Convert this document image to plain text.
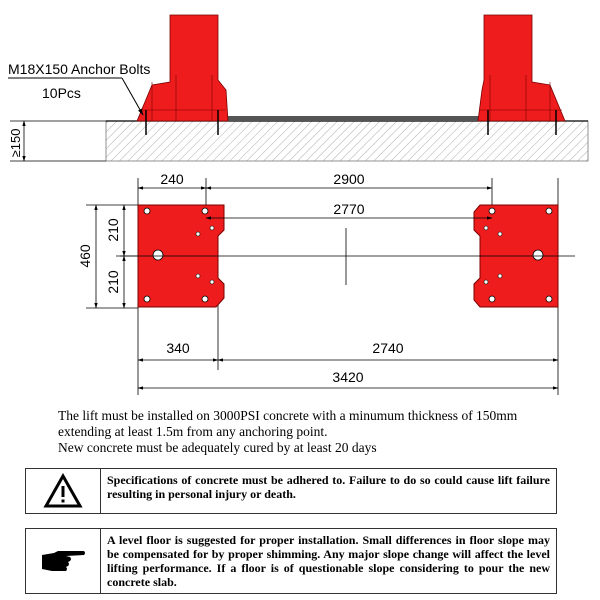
M18X150 Anchor Bolts
10Pcs
≥150
240	2900
2770
460
210
210
340	2740
3420
The lift must be installed on 3000PSI concrete with a minumum thickness of 150mm
extending at least 1.5m from any anchoring point.
New concrete must be adequately cured by at least 20 days
Specifications of concrete must be adhered to. Failure to do so could cause lift failure resulting in personal injury or death.
A level floor is suggested for proper installation. Small differences in floor slope may be compensated for by proper shimming. Any major slope change will affect the level lifting performance. If a floor is of questionable slope considering to pour the new concrete slab.
